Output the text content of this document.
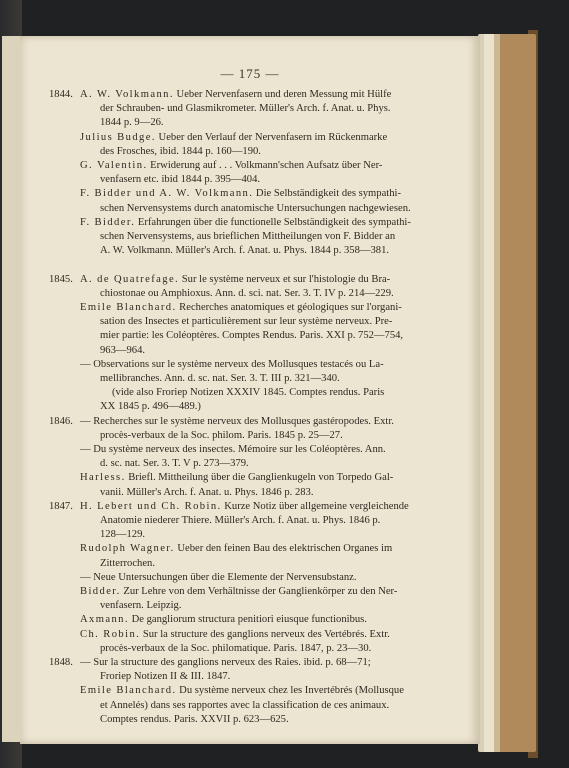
— 175 —
A. W. Volkmann. Ueber Nervenfasern und deren Messung mit Hülfe
der Schrauben- und Glasmikrometer. Müller's Arch. f. Anat. u. Phys.
1844 p. 9—26.
Julius Budge. Ueber den Verlauf der Nervenfasern im Rückenmarke
des Frosches, ibid. 1844 p. 160—190.
G. Valentin. Erwiderung auf . . . Volkmann'schen Aufsatz über Ner-
venfasern etc. ibid 1844 p. 395—404.
F. Bidder und A. W. Volkmann. Die Selbständigkeit des sympathi-
schen Nervensystems durch anatomische Untersuchungen nachgewiesen.
F. Bidder. Erfahrungen über die functionelle Selbständigkeit des sympathi-
schen Nervensystems, aus brieflichen Mittheilungen von F. Bidder an
A. W. Volkmann. Müller's Arch. f. Anat. u. Phys. 1844 p. 358—381.
A. de Quatrefage. Sur le système nerveux et sur l'histologie du Bra-
chiostonae ou Amphioxus. Ann. d. sci. nat. Ser. 3. T. IV p. 214—229.
Emile Blanchard. Recherches anatomiques et géologiques sur l'organi-
sation des Insectes et particulièrement sur leur système nerveux. Pre-
mier partie: les Coléoptères. Comptes Rendus. Paris. XXI p. 752—754,
963—964.
— Observations sur le système nerveux des Mollusques testacés ou La-
mellibranches. Ann. d. sc. nat. Ser. 3. T. III p. 321—340.
(vide also Froriep Notizen XXXIV 1845. Comptes rendus. Paris
XX 1845 p. 496—489.)
— Recherches sur le système nerveux des Mollusques gastéropodes. Extr.
procès-verbaux de la Soc. philom. Paris. 1845 p. 25—27.
— Du système nerveux des insectes. Mémoire sur les Coléoptères. Ann.
d. sc. nat. Ser. 3. T. V p. 273—379.
Harless. Briefl. Mittheilung über die Ganglienkugeln von Torpedo Gal-
vanii. Müller's Arch. f. Anat. u. Phys. 1846 p. 283.
H. Lebert und Ch. Robin. Kurze Notiz über allgemeine vergleichende
Anatomie niederer Thiere. Müller's Arch. f. Anat. u. Phys. 1846 p.
128—129.
Rudolph Wagner. Ueber den feinen Bau des elektrischen Organes im
Zitterrochen.
— Neue Untersuchungen über die Elemente der Nervensubstanz.
Bidder. Zur Lehre von dem Verhältnisse der Ganglienkörper zu den Ner-
venfasern. Leipzig.
Axmann. De gangliorum structura penitiori eiusque functionibus.
Ch. Robin. Sur la structure des ganglions nerveux des Vertébrés. Extr.
procès-verbaux de la Soc. philomatique. Paris. 1847, p. 23—30.
— Sur la structure des ganglions nerveux des Raies. ibid. p. 68—71;
Froriep Notizen II & III. 1847.
Emile Blanchard. Du système nerveux chez les Invertébrés (Mollusque
et Annelés) dans ses rapportes avec la classification de ces animaux.
Comptes rendus. Paris. XXVII p. 623—625.
1844.
1845.
1846.
1847.
1848.
